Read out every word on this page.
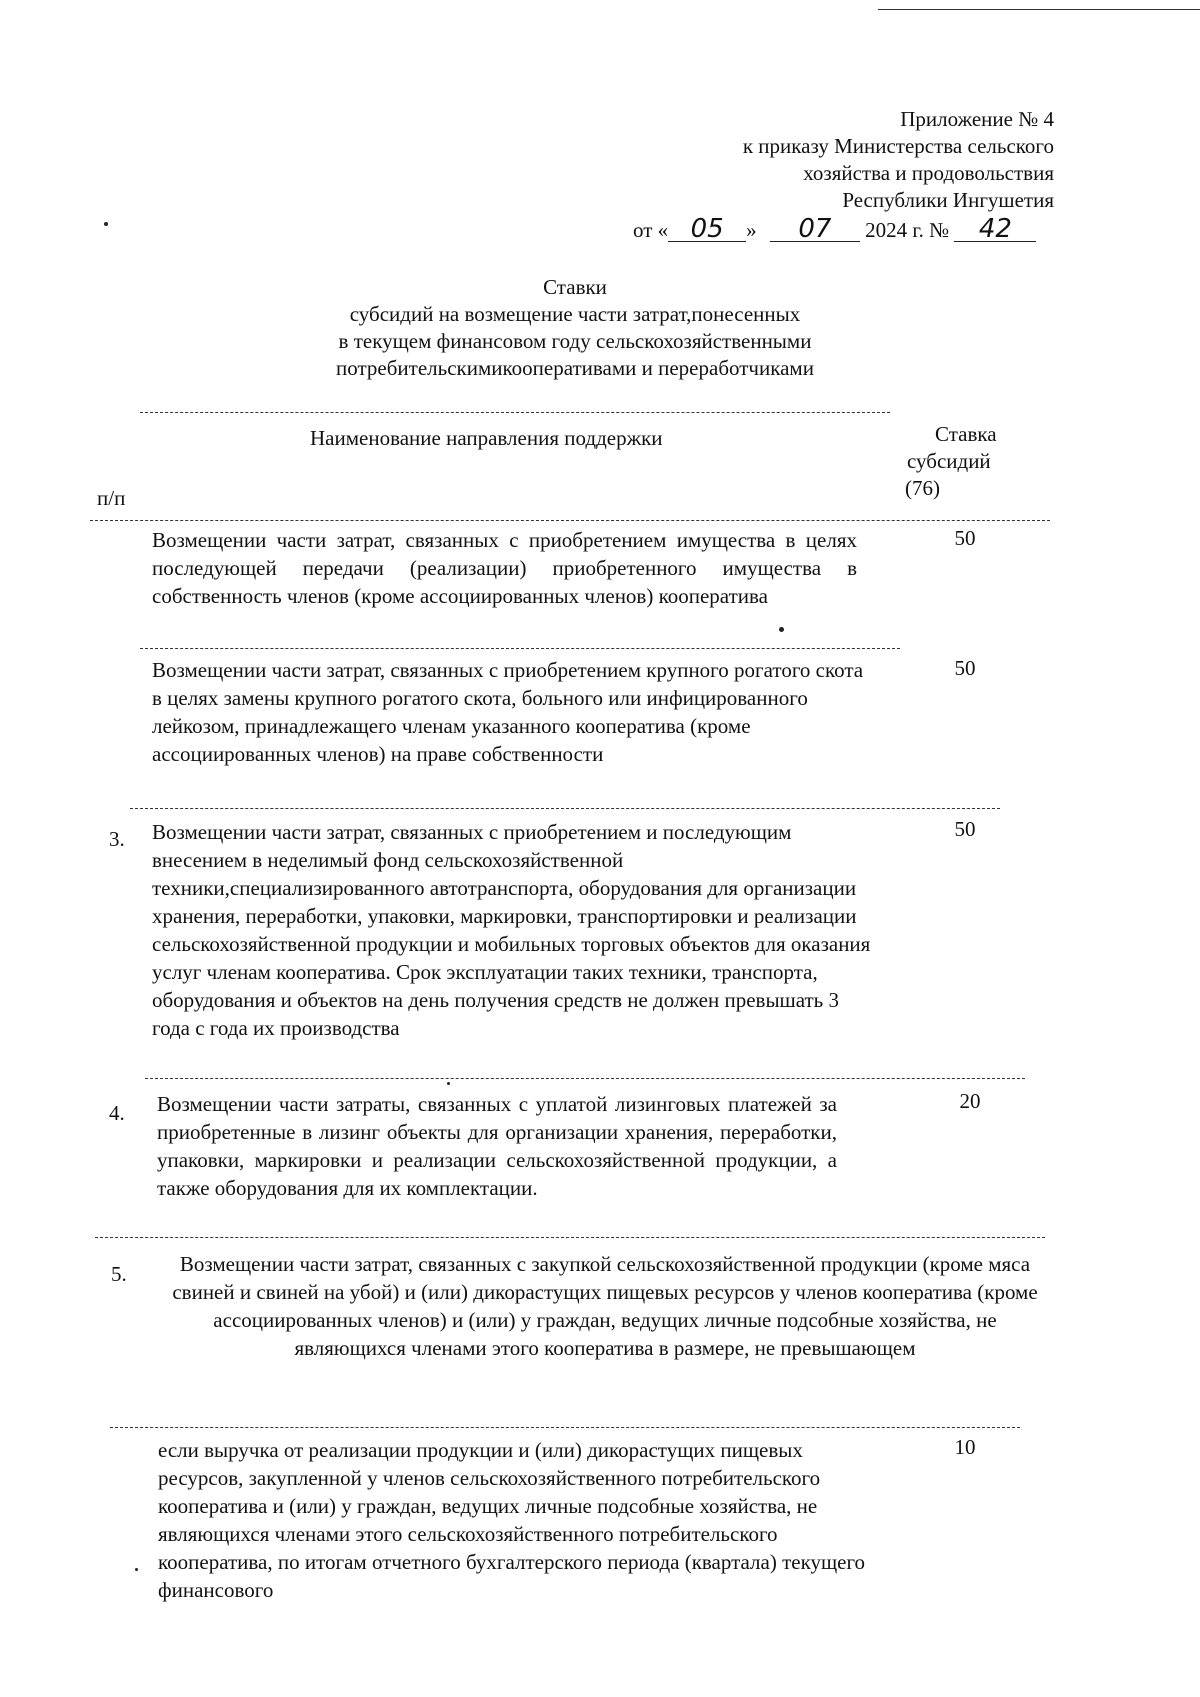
Приложение № 4
к приказу Министерства сельского
хозяйства и продовольствия
Республики Ингушетия
от « 05 » 07 2024 г. № 42
Ставки
субсидий на возмещение части затрат,понесенных
в текущем финансовом году сельскохозяйственными
потребительскимикооперативами и переработчиками
п/п
Наименование направления поддержки	Ставка
субсидий
(76)
Возмещении части затрат, связанных с приобретением имущества в целях последующей передачи (реализации) приобретенного имущества в собственность членов (кроме ассоциированных членов) кооператива
50
Возмещении части затрат, связанных с приобретением крупного рогатого скота в целях замены крупного рогатого скота, больного или инфицированного лейкозом, принадлежащего членам указанного кооператива (кроме ассоциированных членов) на праве собственности
50
3. Возмещении части затрат, связанных с приобретением и последующим внесением в неделимый фонд сельскохозяйственной техники,специализированного автотранспорта, оборудования для организации хранения, переработки, упаковки, маркировки, транспортировки и реализации сельскохозяйственной продукции и мобильных торговых объектов для оказания услуг членам кооператива. Срок эксплуатации таких техники, транспорта, оборудования и объектов на день получения средств не должен превышать 3 года с года их производства
50
4. Возмещении части затраты, связанных с уплатой лизинговых платежей за приобретенные в лизинг объекты для организации хранения, переработки, упаковки, маркировки и реализации сельскохозяйственной продукции, а также оборудования для их комплектации.
20
5.	Возмещении части затрат, связанных с закупкой сельскохозяйственной продукции (кроме мяса свиней и свиней на убой) и (или) дикорастущих пищевых ресурсов у членов кооператива (кроме ассоциированных членов) и (или) у граждан, ведущих личные подсобные хозяйства, не являющихся членами этого кооператива в размере, не превышающем
если выручка от реализации продукции и (или) дикорастущих пищевых ресурсов, закупленной у членов сельскохозяйственного потребительского кооператива и (или) у граждан, ведущих личные подсобные хозяйства, не являющихся членами этого сельскохозяйственного потребительского кооператива, по итогам отчетного бухгалтерского периода (квартала) текущего финансового
10
